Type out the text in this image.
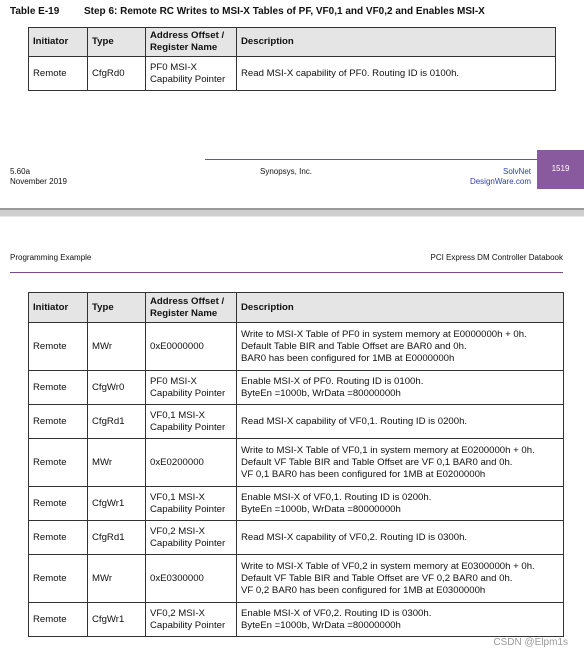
Table E-19 Step 6: Remote RC Writes to MSI-X Tables of PF, VF0,1 and VF0,2 and Enables MSI-X
Initiator	Type	Address Offset /
Register Name	Description
Remote	CfgRd0	PF0 MSI-X
Capability Pointer	Read MSI-X capability of PF0. Routing ID is 0100h.
5.60a
November 2019
Synopsys, Inc.	SolvNet
DesignWare.com
1519
Programming Example	PCI Express DM Controller Databook
Initiator	Type	Address Offset /
Register Name	Description
Remote	MWr	0xE0000000	Write to MSI-X Table of PF0 in system memory at E0000000h + 0h.
Default Table BIR and Table Offset are BAR0 and 0h.
BAR0 has been configured for 1MB at E0000000h
Remote	CfgWr0	PF0 MSI-X
Capability Pointer	Enable MSI-X of PF0. Routing ID is 0100h.
ByteEn =1000b, WrData =80000000h
Remote	CfgRd1	VF0,1 MSI-X
Capability Pointer	Read MSI-X capability of VF0,1. Routing ID is 0200h.
Remote	MWr	0xE0200000	Write to MSI-X Table of VF0,1 in system memory at E0200000h + 0h.
Default VF Table BIR and Table Offset are VF 0,1 BAR0 and 0h.
VF 0,1 BAR0 has been configured for 1MB at E0200000h
Remote	CfgWr1	VF0,1 MSI-X
Capability Pointer	Enable MSI-X of VF0,1. Routing ID is 0200h.
ByteEn =1000b, WrData =80000000h
Remote	CfgRd1	VF0,2 MSI-X
Capability Pointer	Read MSI-X capability of VF0,2. Routing ID is 0300h.
Remote	MWr	0xE0300000	Write to MSI-X Table of VF0,2 in system memory at E0300000h + 0h.
Default VF Table BIR and Table Offset are VF 0,2 BAR0 and 0h.
VF 0,2 BAR0 has been configured for 1MB at E0300000h
Remote	CfgWr1	VF0,2 MSI-X
Capability Pointer	Enable MSI-X of VF0,2. Routing ID is 0300h.
ByteEn =1000b, WrData =80000000h
CSDN @Elpm1s
